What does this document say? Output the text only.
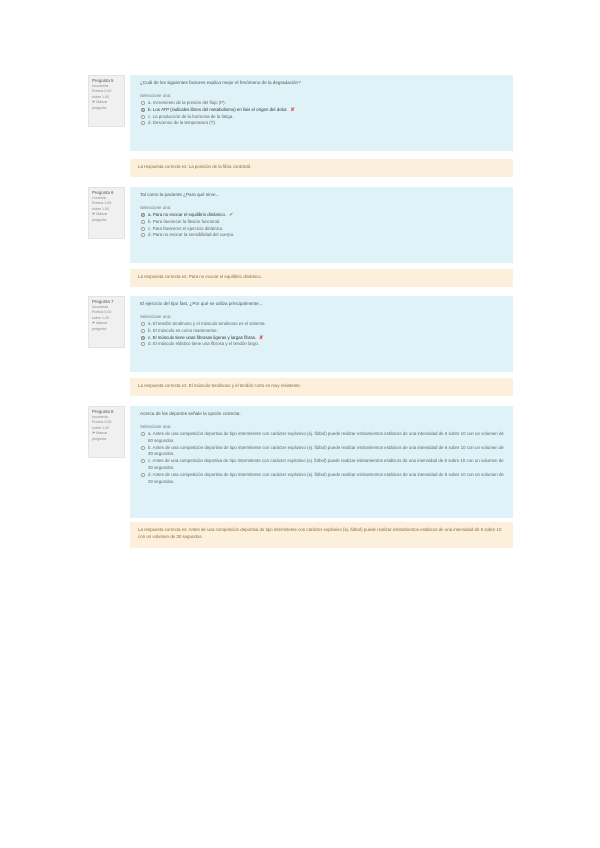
Pregunta 5
Incorrecta
Puntúa 0,00 sobre 1,00
⚑ Marcar pregunta

¿Cuál de los siguientes factores explica mejor el fenómeno de la degradación?

Seleccione una:
a. Incremento de la presión del flujo (P).
b. Los ATP (radicales libres del metabolismo) en lisis el origen del dolor. ✘
c. La producción de la hormona de la fatiga.
d. Descenso de la temperatura (T).
La respuesta correcta es: La posición de la fibra contráctil.
Pregunta 6
Correcta
Puntúa 1,00 sobre 1,00
⚑ Marcar pregunta

Tal como la paciente ¿Para qué sirve...

Seleccione una:
a. Para no evocar el equilibrio dinámico. ✔
b. Para favorecer la flexión funcional.
c. Para favorecer el ejercicio dinámico.
d. Para no evocar la sensibilidad del cuerpo.
La respuesta correcta es: Para no evocar el equilibrio dinámico.
Pregunta 7
Incorrecta
Puntúa 0,00 sobre 1,00
⚑ Marcar pregunta

El ejercicio del tipo fast, ¿Por qué se utiliza principalmente...

Seleccione una:
a. El tendón tendinoso y el músculo tendinoso es el sistema.
b. El músculo es como mantenerse.
c. El músculo tiene unas fibrosas ligeras y largas fibras. ✘
d. El músculo elástico tiene una fibrosa y el tendón largo.
La respuesta correcta es: El músculo tendinoso y el tendón corto es muy resistente.
Pregunta 8
Incorrecta
Puntúa 0,00 sobre 1,00
⚑ Marcar pregunta

Acerca de los deportes señale la opción correcta:

Seleccione una:
a. Antes de una competición deportiva de tipo intermitente con carácter explosivo (ej. fútbol) puede realizar estiramientos estáticos de una intensidad de 6 sobre 10 con un volumen de 60 segundos.
b. Antes de una competición deportiva de tipo intermitente con carácter explosivo (ej. fútbol) puede realizar estiramientos estáticos de una intensidad de 6 sobre 10 con un volumen de 30 segundos.
c. Antes de una competición deportiva de tipo intermitente con carácter explosivo (ej. fútbol) puede realizar estiramientos estáticos de una intensidad de 8 sobre 10 con un volumen de 30 segundos.
d. Antes de una competición deportiva de tipo intermitente con carácter explosivo (ej. fútbol) puede realizar estiramientos estáticos de una intensidad de 5 sobre 10 con un volumen de 20 segundos.
La respuesta correcta es: Antes de una competición deportiva de tipo intermitente con carácter explosivo (ej. fútbol) puede realizar estiramientos estáticos de una intensidad de 6 sobre 10 con un volumen de 30 segundos.
